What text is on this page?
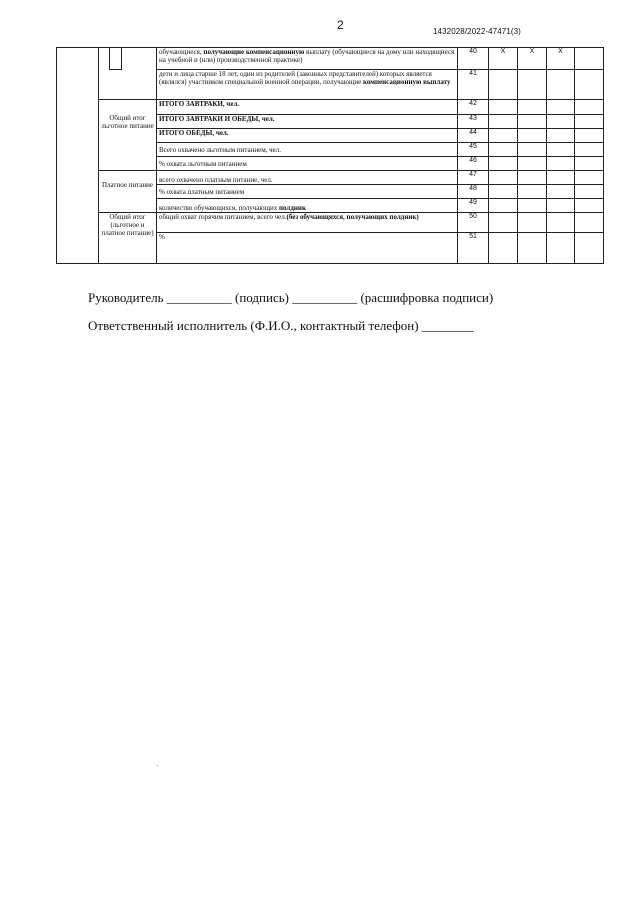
2	1432028/2022-47471(3)
		обучающиеся, получающие компенсационную выплату (обучающиеся на дому или находящиеся на учебной и (или) производственной практике)	40	X	X	X	
		дети и лица старше 18 лет, один из родителей (законных представителей) которых является (являлся) участником специальной военной операции, получающие компенсационную выплату	41				
	Общий итог льготное питание	ИТОГО ЗАВТРАКИ, чел.	42				
		ИТОГО ЗАВТРАКИ И ОБЕДЫ, чел.	43				
		ИТОГО ОБЕДЫ, чел.	44				
		Всего охвачено льготным питанием, чел.	45				
		% охвата льготным питанием	46				
	Платное питание	всего охвачено платным питание, чел.	47				
		% охвата платным питанием	48				
		количество обучающихся, получающих полдник	49				
	Общий итог (льготное и платное питание)	общий охват горячим питанием, всего чел.(без обучающихся, получающих полдник)	50				
		%	51				
Руководитель __________ (подпись) __________ (расшифровка подписи)
Ответственный исполнитель (Ф.И.О., контактный телефон) ________
